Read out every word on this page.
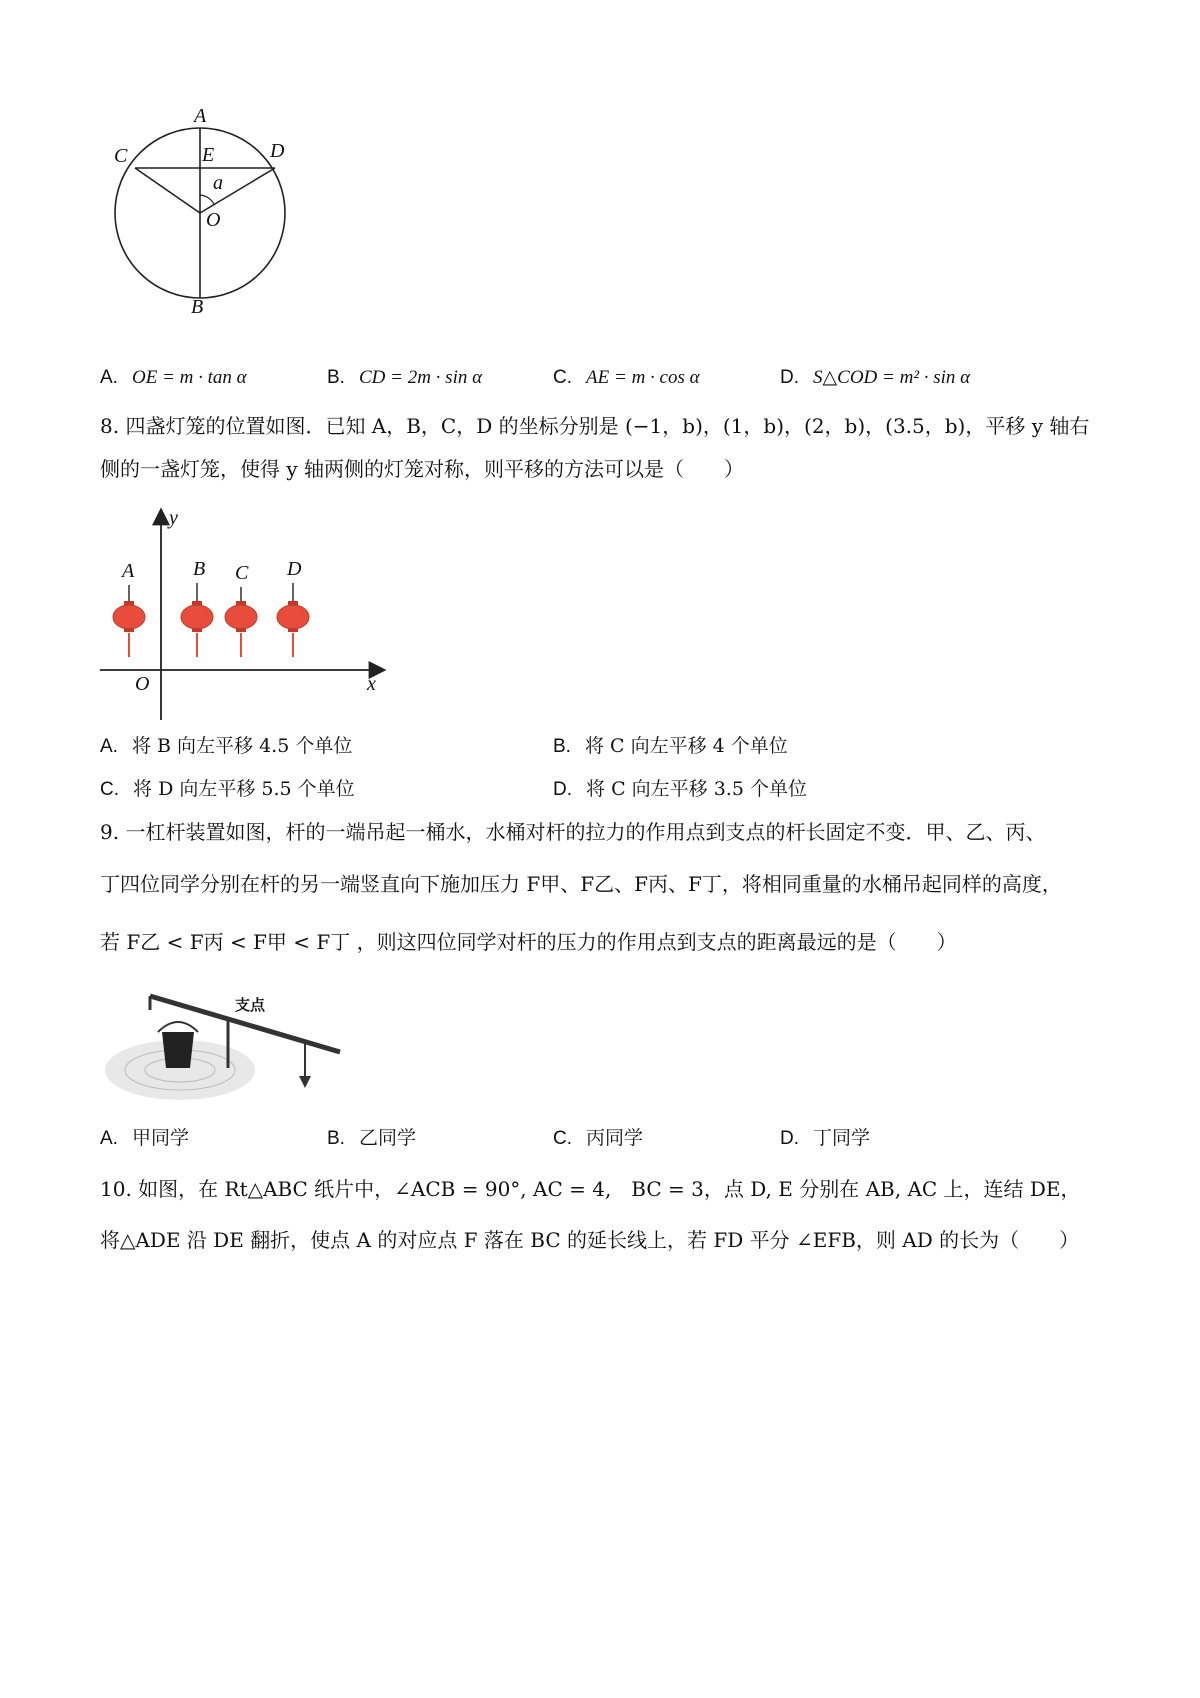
A
E
C	D
a
O
B
A. OE = m · tan α	B. CD = 2m · sin α	C. AE = m · cos α	D. S△COD = m² · sin α
8. 四盏灯笼的位置如图．已知 A，B，C，D 的坐标分别是 (−1，b)，(1，b)，(2，b)，(3.5，b)，平移 y 轴右
侧的一盏灯笼，使得 y 轴两侧的灯笼对称，则平移的方法可以是（　　）
y
x
O
A	B C D
A. 将 B 向左平移 4.5 个单位	B. 将 C 向左平移 4 个单位
C. 将 D 向左平移 5.5 个单位	D. 将 C 向左平移 3.5 个单位
9. 一杠杆装置如图，杆的一端吊起一桶水，水桶对杆的拉力的作用点到支点的杆长固定不变．甲、乙、丙、
丁四位同学分别在杆的另一端竖直向下施加压力 F甲、F乙、F丙、F丁，将相同重量的水桶吊起同样的高度，
若 F乙 < F丙 < F甲 < F丁 ，则这四位同学对杆的压力的作用点到支点的距离最远的是（　　）
支点
A. 甲同学	B. 乙同学	C. 丙同学	D. 丁同学
10. 如图，在 Rt△ABC 纸片中，∠ACB = 90°, AC = 4,　BC = 3，点 D, E 分别在 AB, AC 上，连结 DE，
将△ADE 沿 DE 翻折，使点 A 的对应点 F 落在 BC 的延长线上，若 FD 平分 ∠EFB，则 AD 的长为（　　）
